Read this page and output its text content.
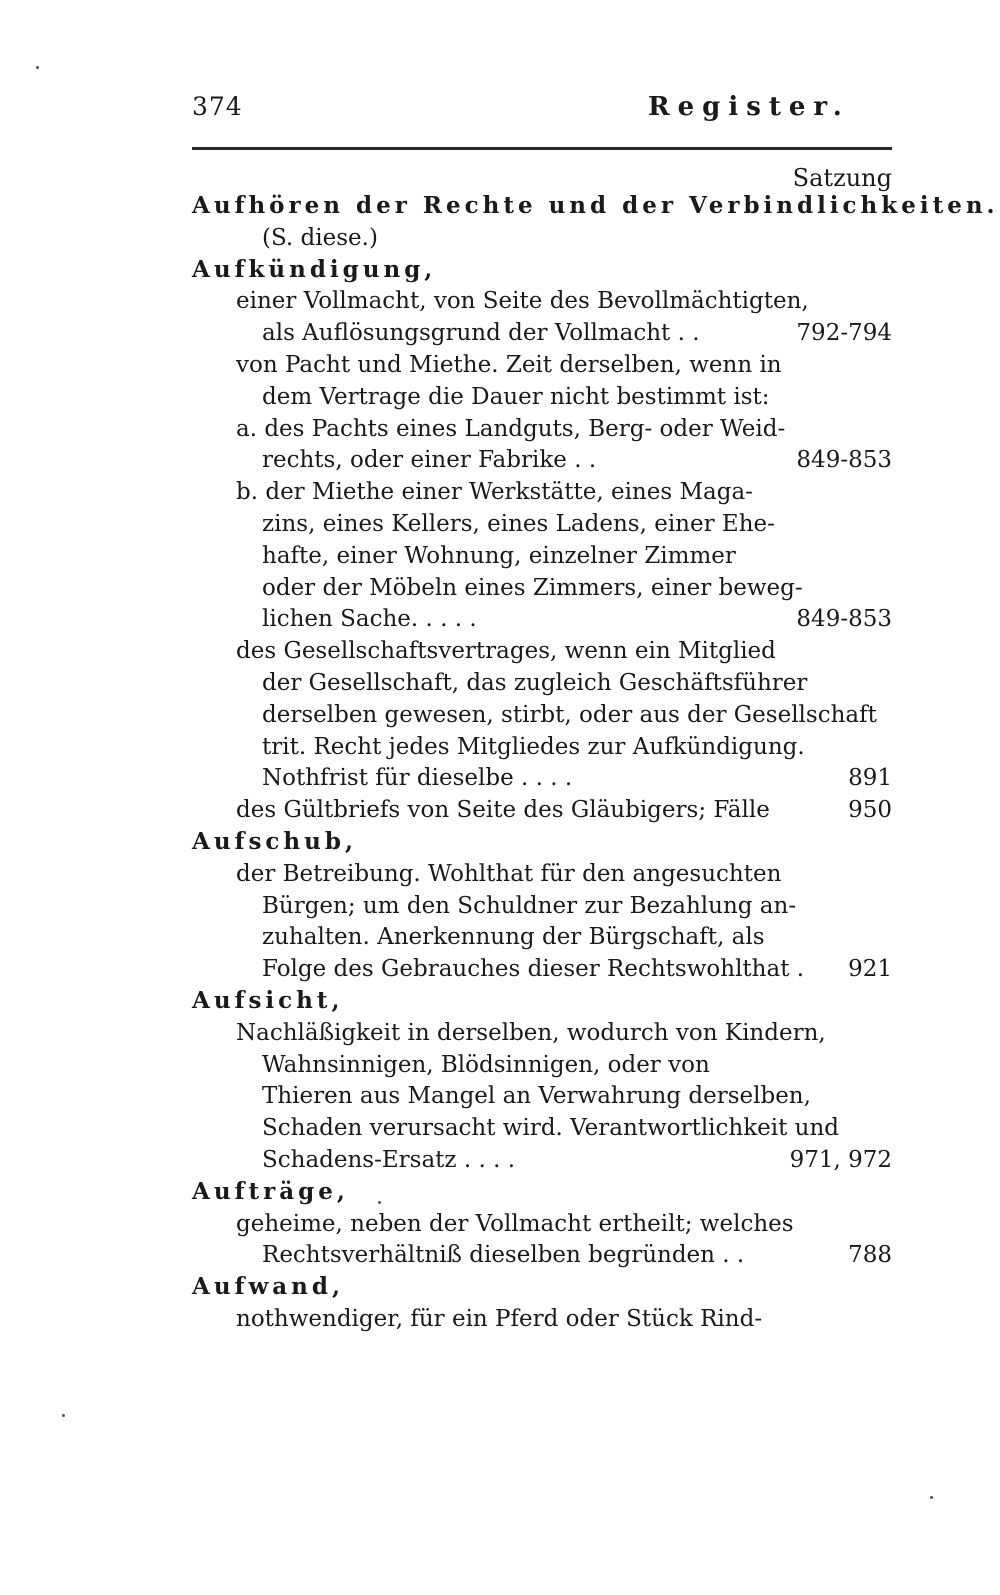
374	Register.
Satzung
Aufhören der Rechte und der Verbindlichkeiten.
(S. diese.)
Aufkündigung,
einer Vollmacht, von Seite des Bevollmächtigten,
als Auflösungsgrund der Vollmacht . .	792-794
von Pacht und Miethe. Zeit derselben, wenn in
dem Vertrage die Dauer nicht bestimmt ist:
a. des Pachts eines Landguts, Berg- oder Weid-
rechts, oder einer Fabrike . .	849-853
b. der Miethe einer Werkstätte, eines Maga-
zins, eines Kellers, eines Ladens, einer Ehe-
hafte, einer Wohnung, einzelner Zimmer
oder der Möbeln eines Zimmers, einer beweg-
lichen Sache. . . . .	849-853
des Gesellschaftsvertrages, wenn ein Mitglied
der Gesellschaft, das zugleich Geschäftsführer
derselben gewesen, stirbt, oder aus der Gesellschaft
trit. Recht jedes Mitgliedes zur Aufkündigung.
Nothfrist für dieselbe . . . .	891
des Gültbriefs von Seite des Gläubigers; Fälle	950
Aufschub,
der Betreibung. Wohlthat für den angesuchten
Bürgen; um den Schuldner zur Bezahlung an-
zuhalten. Anerkennung der Bürgschaft, als
Folge des Gebrauches dieser Rechtswohlthat . 921
Aufsicht,
Nachläßigkeit in derselben, wodurch von Kindern,
Wahnsinnigen, Blödsinnigen, oder von
Thieren aus Mangel an Verwahrung derselben,
Schaden verursacht wird. Verantwortlichkeit und
Schadens-Ersatz . . . .	971, 972
Aufträge,
geheime, neben der Vollmacht ertheilt; welches
Rechtsverhältniß dieselben begründen . .	788
Aufwand,
nothwendiger, für ein Pferd oder Stück Rind-
